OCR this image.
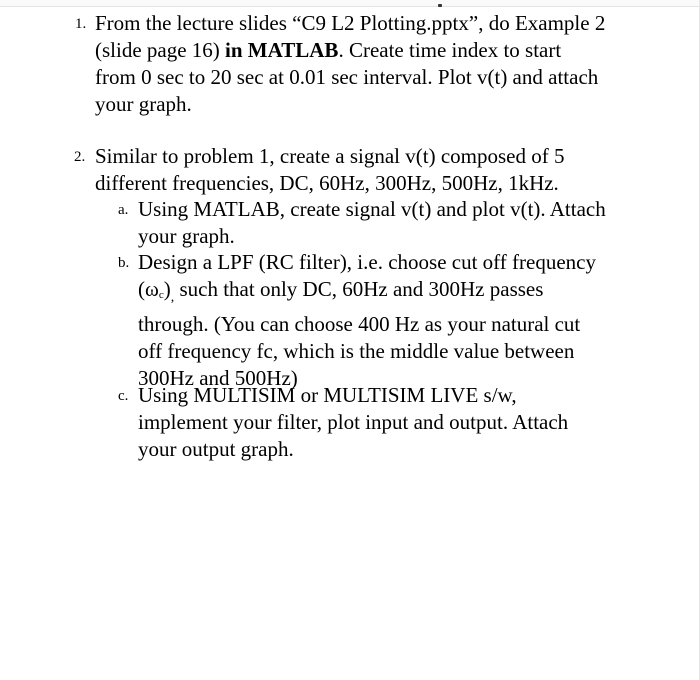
1. From the lecture slides “C9 L2 Plotting.pptx”, do Example 2
(slide page 16) in MATLAB. Create time index to start
from 0 sec to 20 sec at 0.01 sec interval. Plot v(t) and attach
your graph.
2. Similar to problem 1, create a signal v(t) composed of 5
different frequencies, DC, 60Hz, 300Hz, 500Hz, 1kHz.
a. Using MATLAB, create signal v(t) and plot v(t). Attach
your graph.
b. Design a LPF (RC filter), i.e. choose cut off frequency
$(\omega_c)_,$ such that only DC, 60Hz and 300Hz passes
through. (You can choose 400 Hz as your natural cut
off frequency fc, which is the middle value between
300Hz and 500Hz)
c. Using MULTISIM or MULTISIM LIVE s/w,
implement your filter, plot input and output. Attach
your output graph.
